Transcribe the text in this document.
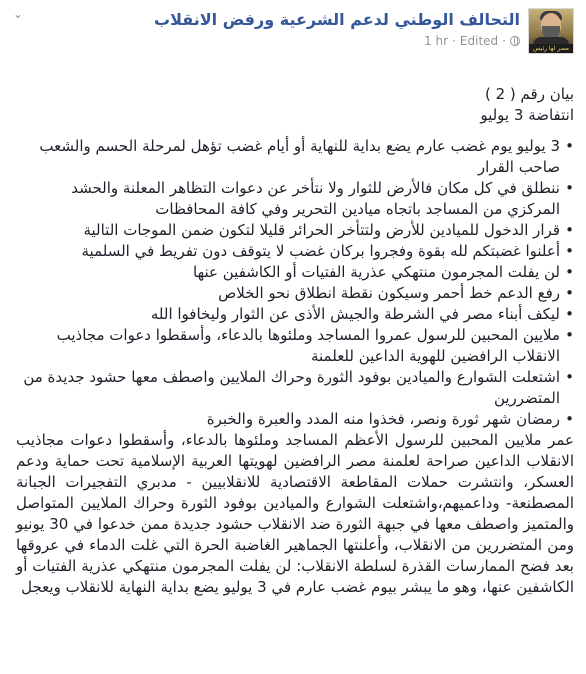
⌄
مصر لها رئيس
التحالف الوطني لدعم الشرعية ورفض الانقلاب
1 hr · Edited ·

بيان رقم ( 2 )

انتفاضة 3 يوليو

• 3 يوليو يوم غضب عارم يضع بداية للنهاية أو أيام غضب تؤهل لمرحلة الحسم والشعب صاحب القرار
• ننطلق في كل مكان فالأرض للثوار ولا نتأخر عن دعوات التظاهر المعلنة والحشد المركزي من المساجد باتجاه ميادين التحرير وفي كافة المحافظات
• قرار الدخول للميادين للأرض ولتتأخر الحرائر قليلا لتكون ضمن الموجات التالية
• أعلنوا غضبتكم لله بقوة وفجروا بركان غضب لا يتوقف دون تفريط في السلمية
• لن يفلت المجرمون منتهكي عذرية الفتيات أو الكاشفين عنها
• رفع الدعم خط أحمر وسيكون نقطة انطلاق نحو الخلاص
• ليكف أبناء مصر في الشرطة والجيش الأذى عن الثوار وليخافوا الله
• ملايين المحبين للرسول عمروا المساجد وملئوها بالدعاء، وأسقطوا دعوات مجاذيب الانقلاب الرافضين للهوية الداعين للعلمنة
• اشتعلت الشوارع والميادين بوفود الثورة وحراك الملايين واصطف معها حشود جديدة من المتضررين
• رمضان شهر ثورة ونصر، فخذوا منه المدد والعبرة والخبرة

عمر ملايين المحبين للرسول الأعظم المساجد وملئوها بالدعاء، وأسقطوا دعوات مجاذيب الانقلاب الداعين صراحة لعلمنة مصر الرافضين لهويتها العربية الإسلامية تحت حماية ودعم العسكر، وانتشرت حملات المقاطعة الاقتصادية للانقلابيين - مدبري التفجيرات الجبانة المصطنعة- وداعميهم،واشتعلت الشوارع والميادين بوفود الثورة وحراك الملايين المتواصل والمتميز واصطف معها في جبهة الثورة ضد الانقلاب حشود جديدة ممن خدعوا في 30 يونيو ومن المتضررين من الانقلاب، وأعلنتها الجماهير الغاضبة الحرة التي غلت الدماء في عروقها بعد فضح الممارسات القذرة لسلطة الانقلاب: لن يفلت المجرمون منتهكي عذرية الفتيات أو الكاشفين عنها، وهو ما يبشر بيوم غضب عارم في 3 يوليو يضع بداية النهاية للانقلاب ويعجل
